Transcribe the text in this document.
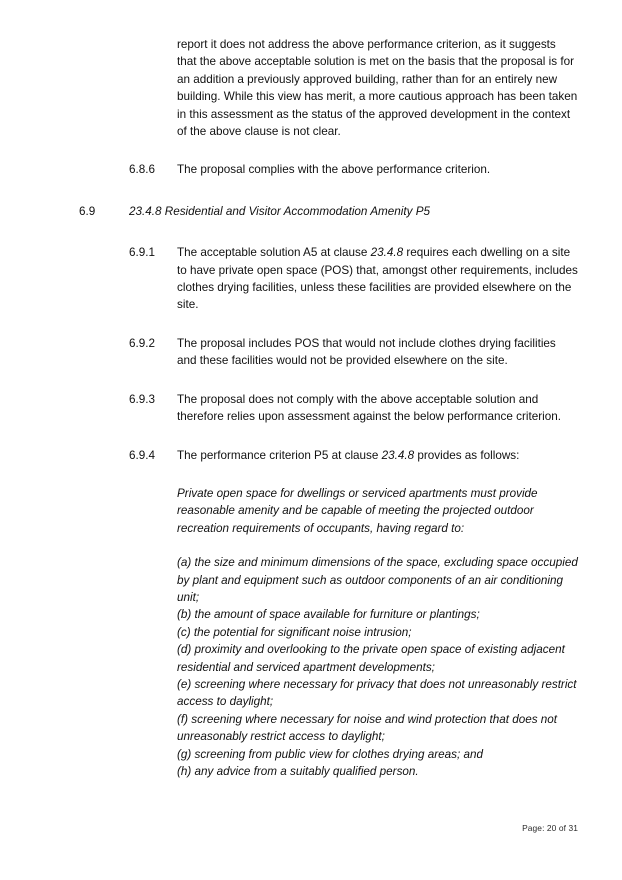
report it does not address the above performance criterion, as it suggests that the above acceptable solution is met on the basis that the proposal is for an addition a previously approved building, rather than for an entirely new building. While this view has merit, a more cautious approach has been taken in this assessment as the status of the approved development in the context of the above clause is not clear.
6.8.6	The proposal complies with the above performance criterion.
6.9	23.4.8 Residential and Visitor Accommodation Amenity P5
6.9.1	The acceptable solution A5 at clause 23.4.8 requires each dwelling on a site to have private open space (POS) that, amongst other requirements, includes clothes drying facilities, unless these facilities are provided elsewhere on the site.
6.9.2	The proposal includes POS that would not include clothes drying facilities and these facilities would not be provided elsewhere on the site.
6.9.3	The proposal does not comply with the above acceptable solution and therefore relies upon assessment against the below performance criterion.
6.9.4	The performance criterion P5 at clause 23.4.8 provides as follows:
Private open space for dwellings or serviced apartments must provide reasonable amenity and be capable of meeting the projected outdoor recreation requirements of occupants, having regard to:
(a) the size and minimum dimensions of the space, excluding space occupied by plant and equipment such as outdoor components of an air conditioning unit;
(b) the amount of space available for furniture or plantings;
(c) the potential for significant noise intrusion;
(d) proximity and overlooking to the private open space of existing adjacent residential and serviced apartment developments;
(e) screening where necessary for privacy that does not unreasonably restrict access to daylight;
(f) screening where necessary for noise and wind protection that does not unreasonably restrict access to daylight;
(g) screening from public view for clothes drying areas; and
(h) any advice from a suitably qualified person.
Page: 20 of 31
